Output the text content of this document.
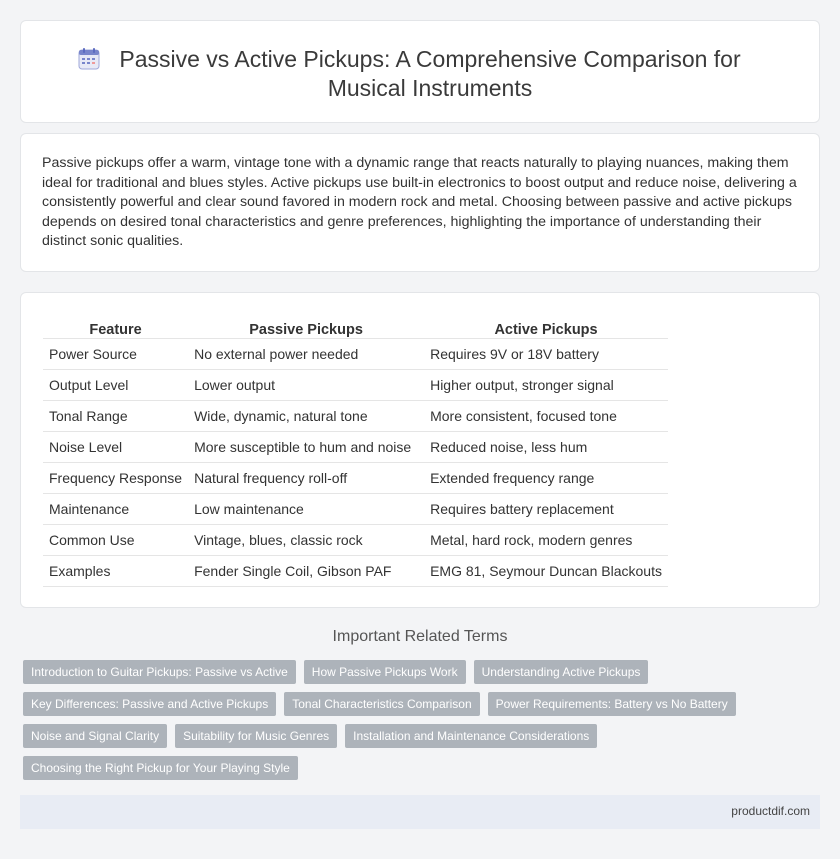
Passive vs Active Pickups: A Comprehensive Comparison for Musical Instruments

Passive pickups offer a warm, vintage tone with a dynamic range that reacts naturally to playing nuances, making them ideal for traditional and blues styles. Active pickups use built-in electronics to boost output and reduce noise, delivering a consistently powerful and clear sound favored in modern rock and metal. Choosing between passive and active pickups depends on desired tonal characteristics and genre preferences, highlighting the importance of understanding their distinct sonic qualities.

Feature	Passive Pickups	Active Pickups
Power Source	No external power needed	Requires 9V or 18V battery
Output Level	Lower output	Higher output, stronger signal
Tonal Range	Wide, dynamic, natural tone	More consistent, focused tone
Noise Level	More susceptible to hum and noise	Reduced noise, less hum
Frequency Response	Natural frequency roll-off	Extended frequency range
Maintenance	Low maintenance	Requires battery replacement
Common Use	Vintage, blues, classic rock	Metal, hard rock, modern genres
Examples	Fender Single Coil, Gibson PAF	EMG 81, Seymour Duncan Blackouts
Important Related Terms
Introduction to Guitar Pickups: Passive vs Active	How Passive Pickups Work	Understanding Active Pickups
Key Differences: Passive and Active Pickups	Tonal Characteristics Comparison	Power Requirements: Battery vs No Battery
Noise and Signal Clarity	Suitability for Music Genres	Installation and Maintenance Considerations
Choosing the Right Pickup for Your Playing Style
productdif.com
